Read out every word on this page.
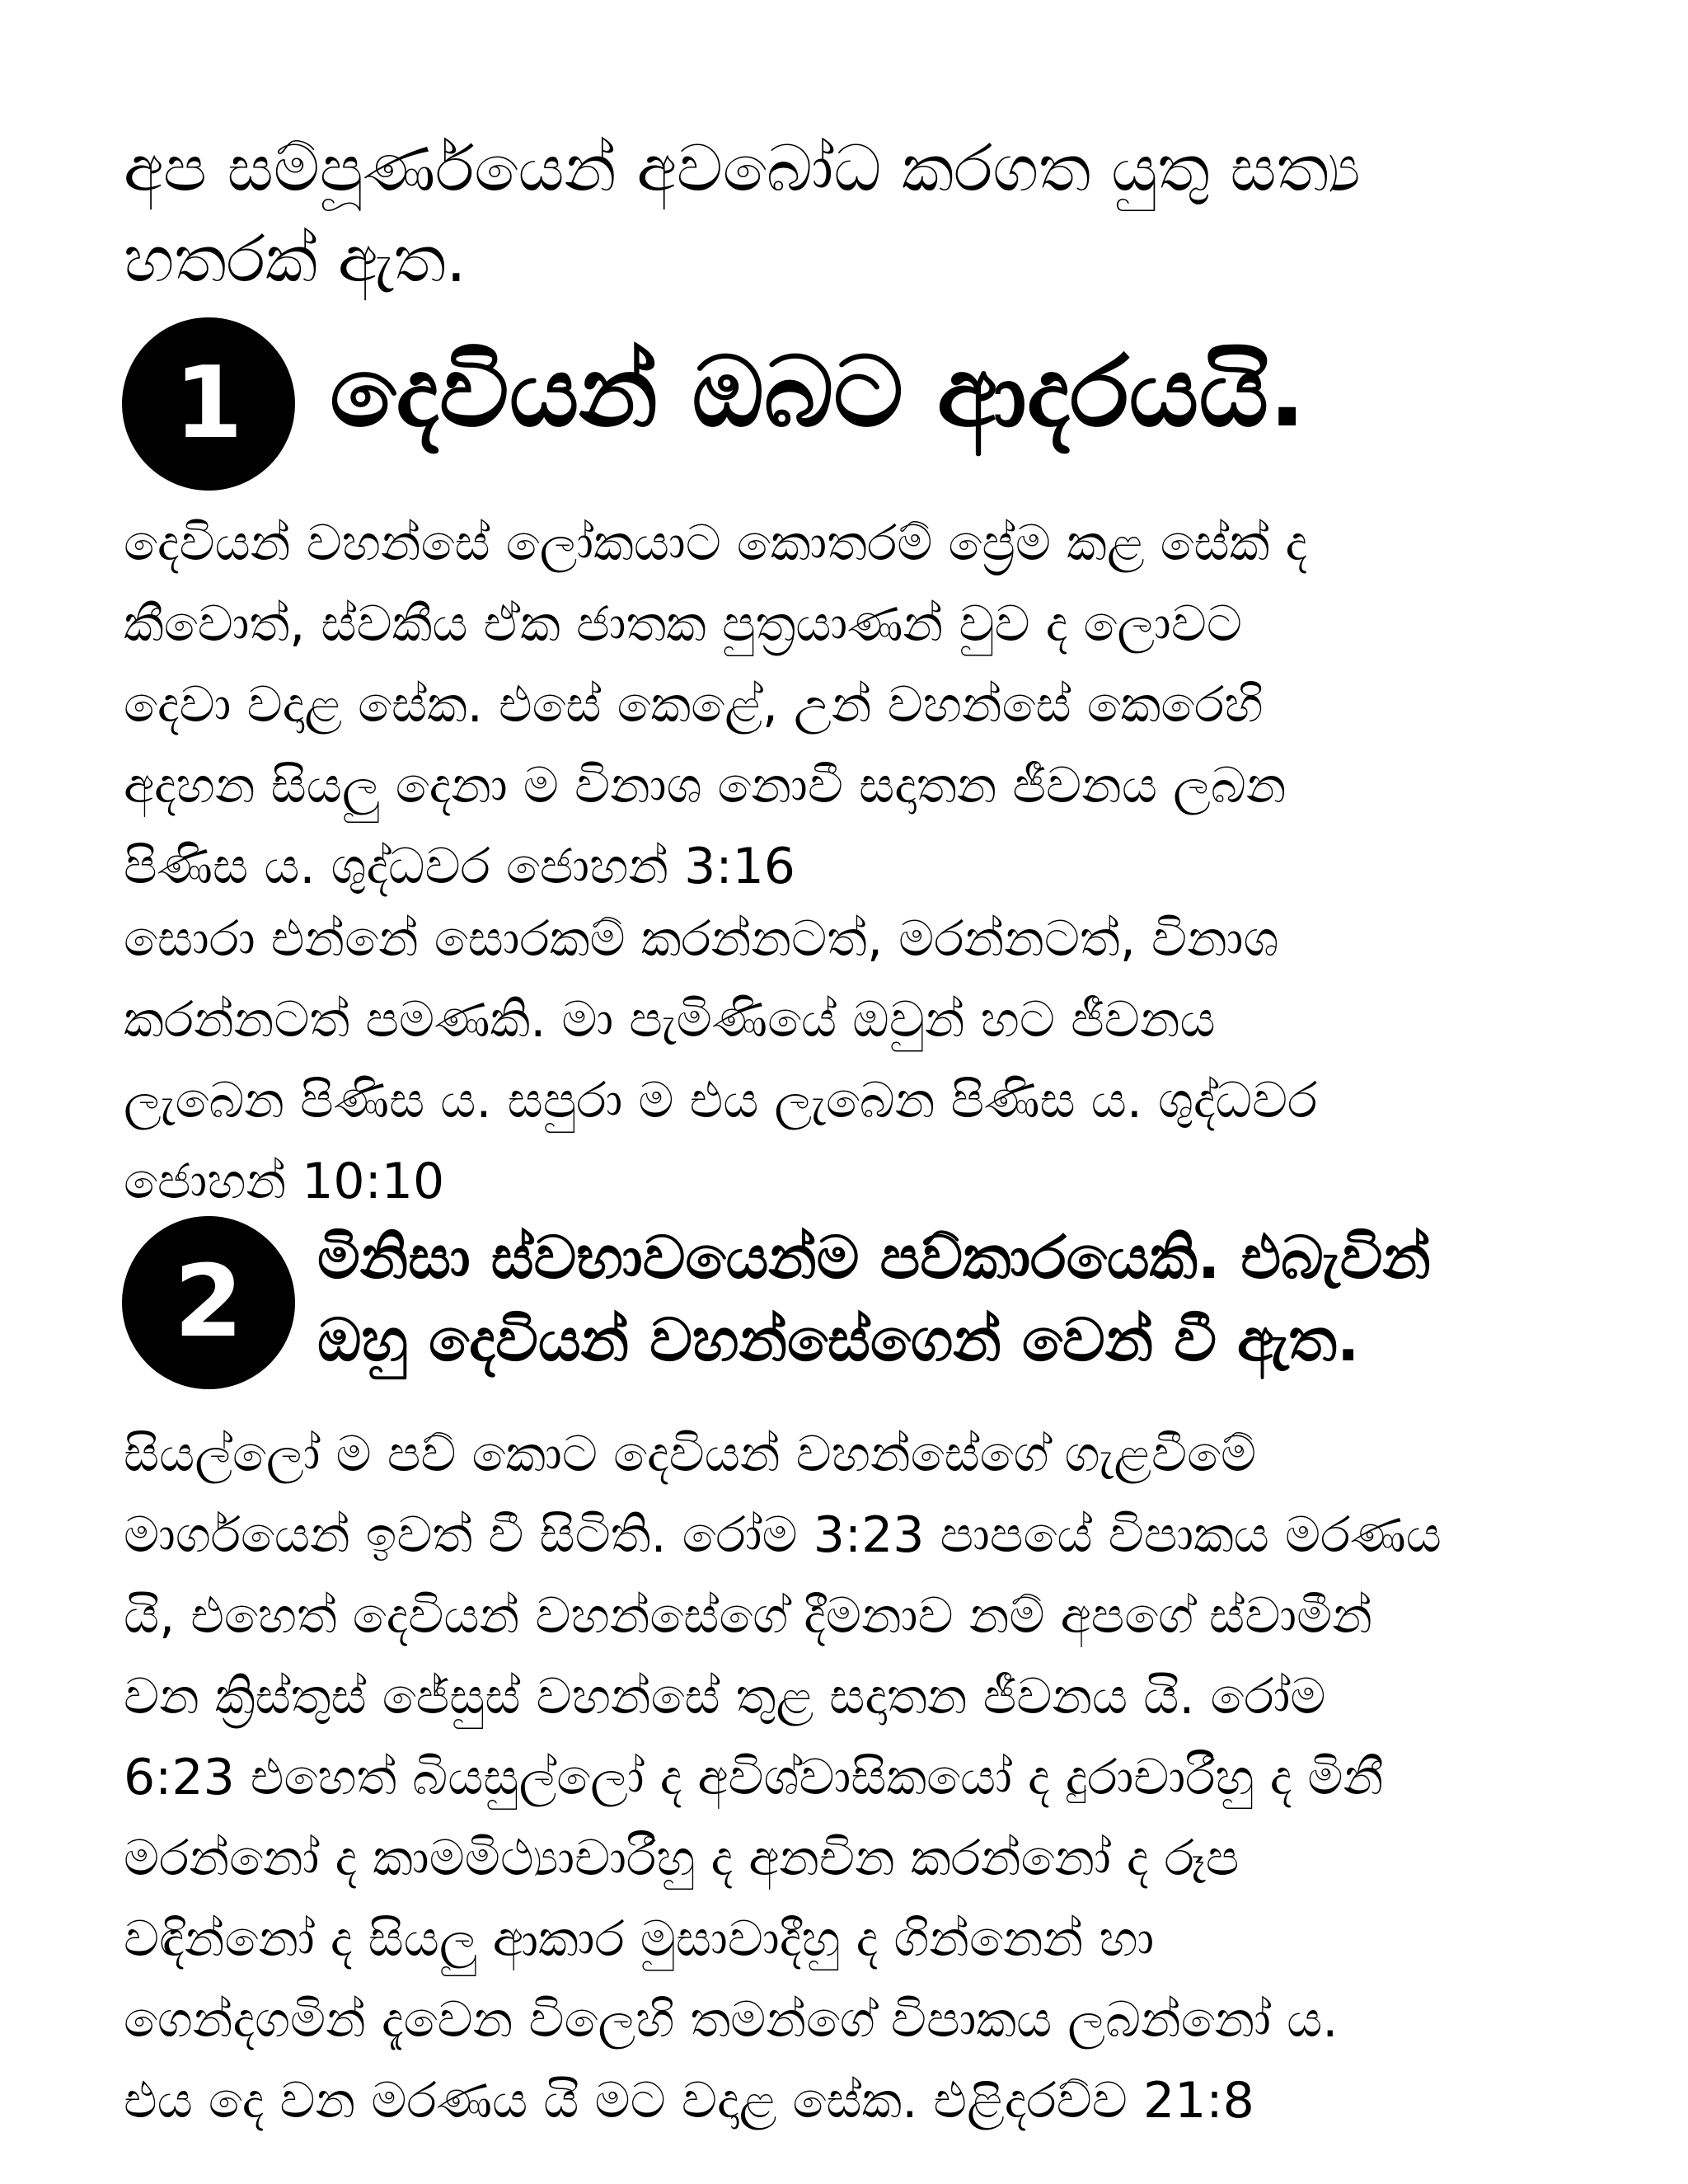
අප සම්පූර්ණයෙන් අවබෝධ කරගත යුතු සත්‍ය
හතරක් ඇත.

1 දෙවියන් ඔබට ආදරයයි.

දෙවියන් වහන්සේ ලෝකයාට කොතරම් ප්‍රේම කළ සේක් ද
කීවොත්, ස්වකීය ඒක ජාතක පුත්‍රයාණන් වුව ද ලොවට
දෙවා වදාළ සේක. එසේ කෙළේ, උන් වහන්සේ කෙරෙහි
අදහන සියලු දෙනා ම විනාශ නොවී සදාතන ජීවනය ලබන
පිණිස ය. ශුද්ධවර ජොහන් 3:16

සොරා එන්නේ සොරකම් කරන්නටත්, මරන්නටත්, විනාශ
කරන්නටත් පමණකි. මා පැමිණියේ ඔවුන් හට ජීවනය
ලැබෙන පිණිස ය. සපුරා ම එය ලැබෙන පිණිස ය. ශුද්ධවර
ජොහන් 10:10

2	මිනිසා ස්වභාවයෙන්ම පව්කාරයෙකි. එබැවින්
ඔහු දෙවියන් වහන්සේගෙන් වෙන් වී ඇත.

සියල්ලෝ ම පව් කොට දෙවියන් වහන්සේගේ ගැළවීමේ
මාර්ගයෙන් ඉවත් වී සිටිති. රෝම 3:23 පාපයේ විපාකය මරණය
යි, එහෙත් දෙවියන් වහන්සේගේ දීමනාව නම් අපගේ ස්වාමීන්
වන ක්‍රිස්තුස් ජේසුස් වහන්සේ තුළ සදාතන ජීවනය යි. රෝම
6:23 එහෙත් බියසුල්ලෝ ද අවිශ්වාසිකයෝ ද දුරාචාරීහු ද මිනී
මරන්නෝ ද කාමමිථ්‍යාචාරීහු ද අනචින කරන්නෝ ද රූප
වඳින්නෝ ද සියලු ආකාර මුසාවාදීහු ද ගින්නෙන් හා
ගෙන්දගමින් දැවෙන විලෙහි තමන්ගේ විපාකය ලබන්නෝ ය.
එය දෙ වන මරණය යි මට වදාළ සේක. එළිදරව්ව 21:8
